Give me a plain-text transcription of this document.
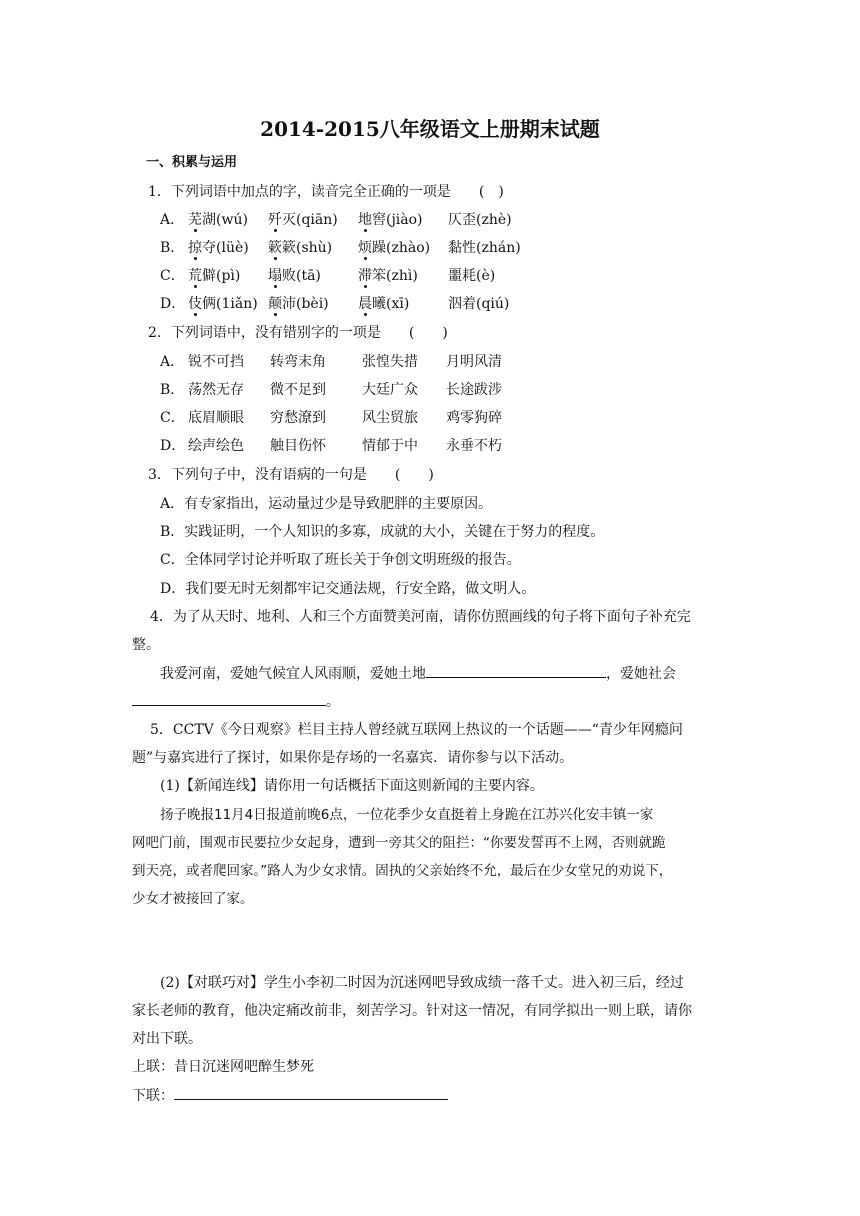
2014-2015八年级语文上册期末试题
一、积累与运用
1．下列词语中加点的字，读音完全正确的一项是　　(　)
A． 芜湖(wú) 歼灭(qiān) 地窖(jiào) 仄歪(zhè)
B． 掠夺(lüè) 簌簌(shù) 烦躁(zhào) 黏性(zhán)
C． 荒僻(pì) 塌败(tā)	滞笨(zhì) 噩耗(è)
D． 伎俩(1iǎn) 颠沛(bèi) 晨曦(xī)	泅着(qiú)
2．下列词语中，没有错别字的一项是　　(　　)
A． 锐不可挡 转弯末角	张惶失措 月明风清
B． 荡然无存 微不足到	大廷广众 长途跋涉
C． 底眉顺眼 穷愁潦到	风尘贸旅 鸡零狗碎
D． 绘声绘色 触目伤怀	情郁于中 永垂不朽
3．下列句子中，没有语病的一句是　　(　　)
A．有专家指出，运动量过少是导致肥胖的主要原因。
B．实践证明，一个人知识的多寡，成就的大小，关键在于努力的程度。
C．全体同学讨论并听取了班长关于争创文明班级的报告。
D．我们要无时无刻都牢记交通法规，行安全路，做文明人。
4．为了从天时、地利、人和三个方面赞美河南，请你仿照画线的句子将下面句子补充完
整。
我爱河南，爱她气候宜人风雨顺，爱她土地	，爱她社会
。
5．CCTV《今日观察》栏目主持人曾经就互联网上热议的一个话题——“青少年网瘾问
题”与嘉宾进行了探讨，如果你是存场的一名嘉宾．请你参与以下活动。
(1)【新闻连线】请你用一句话概括下面这则新闻的主要内容。
扬子晚报11月4日报道前晚6点，一位花季少女直挺着上身跪在江苏兴化安丰镇一家
网吧门前，围观市民要拉少女起身，遭到一旁其父的阻拦：“你要发誓再不上网，否则就跪
到天亮，或者爬回家。”路人为少女求情。固执的父亲始终不允，最后在少女堂兄的劝说下，
少女才被接回了家。
(2)【对联巧对】学生小李初二时因为沉迷网吧导致成绩一落千丈。进入初三后，经过
家长老师的教育，他决定痛改前非，刻苦学习。针对这一情况，有同学拟出一则上联，请你
对出下联。
上联：昔日沉迷网吧醉生梦死
下联：
